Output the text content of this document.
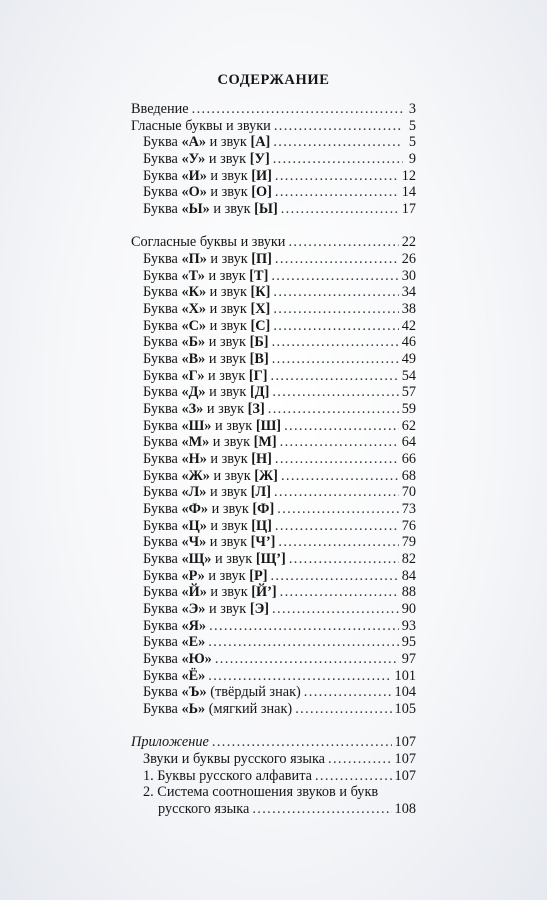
СОДЕРЖАНИЕ
Введение . . .	3
Гласные буквы и звуки . . .	5
Буква «А» и звук [А] . . .	5
Буква «У» и звук [У] . . .	9
Буква «И» и звук [И] . . .	12
Буква «О» и звук [О] . . .	14
Буква «Ы» и звук [Ы] . . .	17
Согласные буквы и звуки . . .	22
Буква «П» и звук [П] . . .	26
Буква «Т» и звук [Т] . . .	30
Буква «К» и звук [К] . . .	34
Буква «Х» и звук [Х] . . .	38
Буква «С» и звук [С] . . .	42
Буква «Б» и звук [Б] . . .	46
Буква «В» и звук [В] . . .	49
Буква «Г» и звук [Г] . . .	54
Буква «Д» и звук [Д] . . .	57
Буква «З» и звук [З] . . .	59
Буква «Ш» и звук [Ш] . . .	62
Буква «М» и звук [М] . . .	64
Буква «Н» и звук [Н] . . .	66
Буква «Ж» и звук [Ж] . . .	68
Буква «Л» и звук [Л] . . .	70
Буква «Ф» и звук [Ф] . . .	73
Буква «Ц» и звук [Ц] . . .	76
Буква «Ч» и звук [Ч’] . . .	79
Буква «Щ» и звук [Щ’] . . .	82
Буква «Р» и звук [Р] . . .	84
Буква «Й» и звук [Й’] . . .	88
Буква «Э» и звук [Э] . . .	90
Буква «Я» . . .	93
Буква «Е» . . .	95
Буква «Ю» . . .	97
Буква «Ё» . . .	101
Буква «Ъ» (твёрдый знак) . . .	104
Буква «Ь» (мягкий знак) . . .	105
Приложение . . .	107
Звуки и буквы русского языка . . .	107
1. Буквы русского алфавита . . .	107
2. Система соотношения звуков и букв
русского языка . . .	108
